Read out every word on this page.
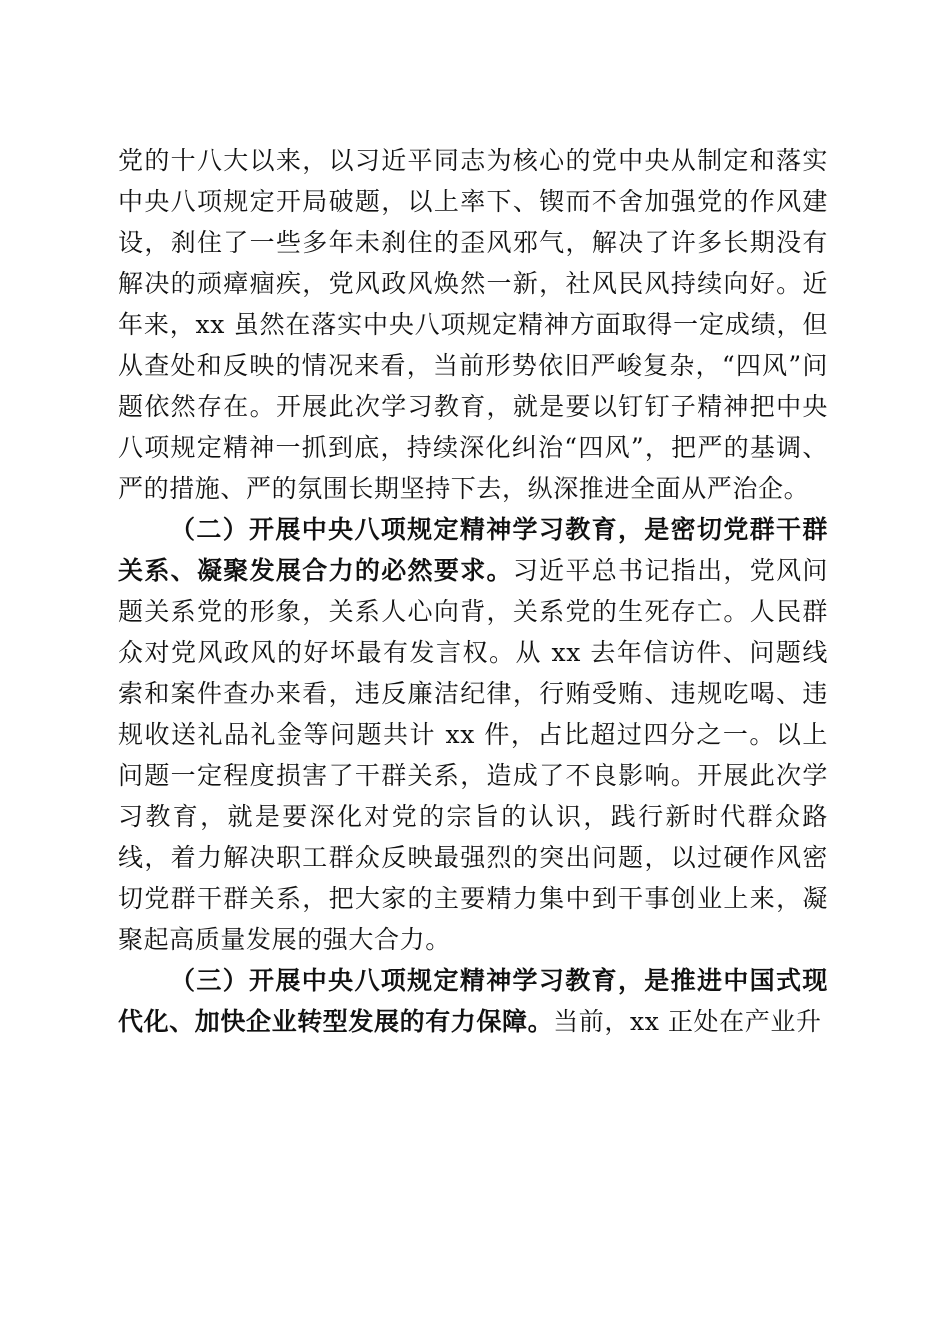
党的十八大以来，以习近平同志为核心的党中央从制定和落实中央八项规定开局破题，以上率下、锲而不舍加强党的作风建设，刹住了一些多年未刹住的歪风邪气，解决了许多长期没有解决的顽瘴痼疾，党风政风焕然一新，社风民风持续向好。近年来，xx 虽然在落实中央八项规定精神方面取得一定成绩，但从查处和反映的情况来看，当前形势依旧严峻复杂，“四风”问题依然存在。开展此次学习教育，就是要以钉钉子精神把中央八项规定精神一抓到底，持续深化纠治“四风”，把严的基调、严的措施、严的氛围长期坚持下去，纵深推进全面从严治企。

（二）开展中央八项规定精神学习教育，是密切党群干群关系、凝聚发展合力的必然要求。习近平总书记指出，党风问题关系党的形象，关系人心向背，关系党的生死存亡。人民群众对党风政风的好坏最有发言权。从 xx 去年信访件、问题线索和案件查办来看，违反廉洁纪律，行贿受贿、违规吃喝、违规收送礼品礼金等问题共计 xx 件，占比超过四分之一。以上问题一定程度损害了干群关系，造成了不良影响。开展此次学习教育，就是要深化对党的宗旨的认识，践行新时代群众路线，着力解决职工群众反映最强烈的突出问题，以过硬作风密切党群干群关系，把大家的主要精力集中到干事创业上来，凝聚起高质量发展的强大合力。

（三）开展中央八项规定精神学习教育，是推进中国式现代化、加快企业转型发展的有力保障。当前，xx 正处在产业升
